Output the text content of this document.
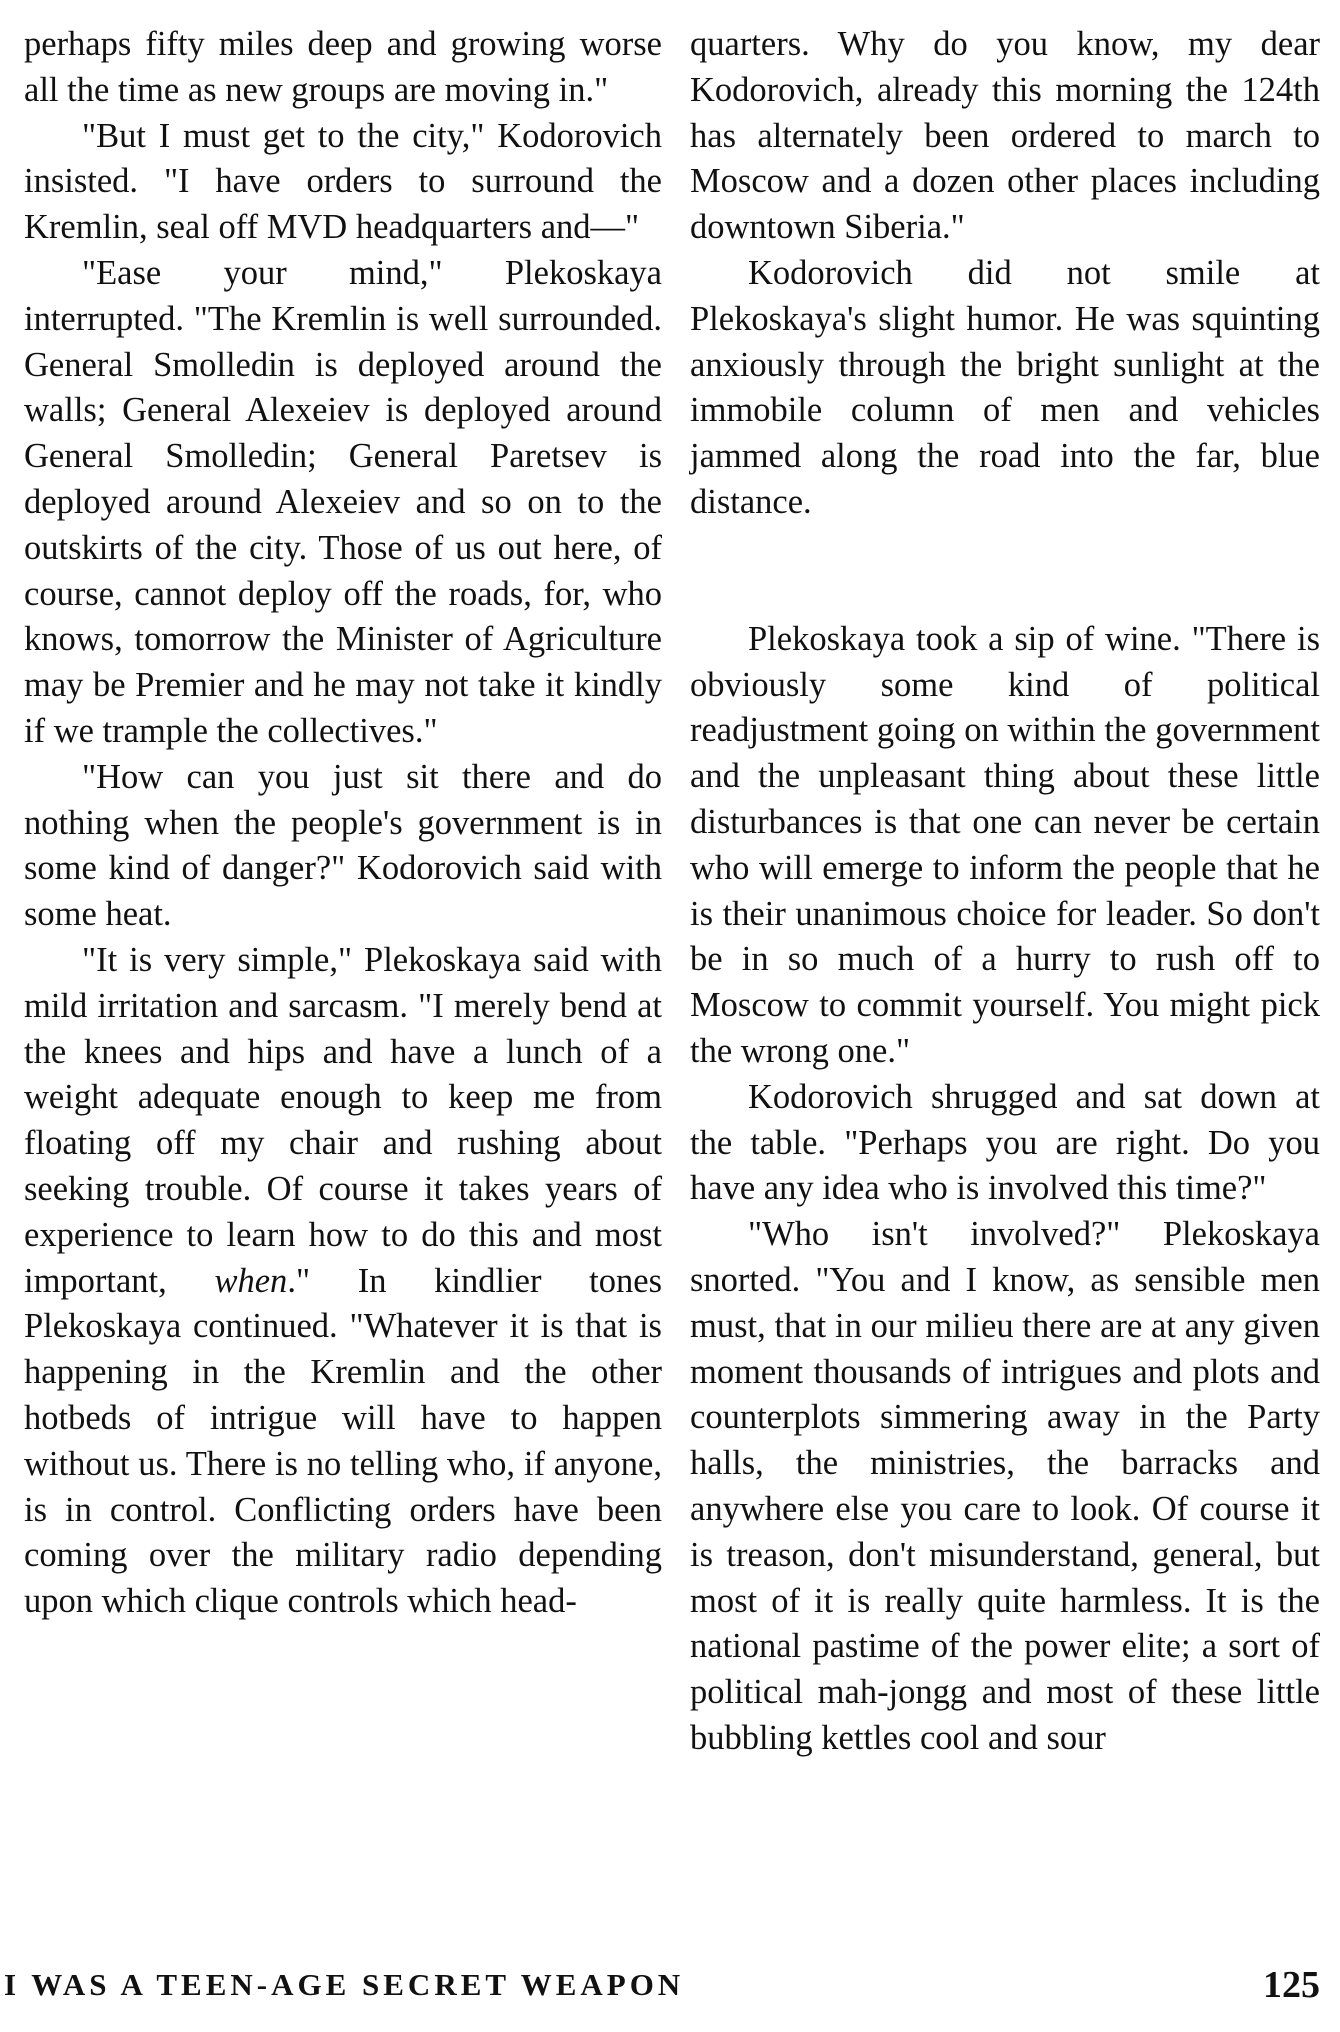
perhaps fifty miles deep and growing worse all the time as new groups are moving in."

"But I must get to the city," Kodorovich insisted. "I have orders to surround the Kremlin, seal off MVD headquarters and—"

"Ease your mind," Plekoskaya interrupted. "The Kremlin is well surrounded. General Smolledin is deployed around the walls; General Alexeiev is deployed around General Smolledin; General Paretsev is deployed around Alexeiev and so on to the outskirts of the city. Those of us out here, of course, cannot deploy off the roads, for, who knows, tomorrow the Minister of Agriculture may be Premier and he may not take it kindly if we trample the collectives."

"How can you just sit there and do nothing when the people's government is in some kind of danger?" Kodorovich said with some heat.

"It is very simple," Plekoskaya said with mild irritation and sarcasm. "I merely bend at the knees and hips and have a lunch of a weight adequate enough to keep me from floating off my chair and rushing about seeking trouble. Of course it takes years of experience to learn how to do this and most important, when." In kindlier tones Plekoskaya continued. "Whatever it is that is happening in the Kremlin and the other hotbeds of intrigue will have to happen without us. There is no telling who, if anyone, is in control. Conflicting orders have been coming over the military radio depending upon which clique controls which head-

quarters. Why do you know, my dear Kodorovich, already this morning the 124th has alternately been ordered to march to Moscow and a dozen other places including downtown Siberia."

Kodorovich did not smile at Plekoskaya's slight humor. He was squinting anxiously through the bright sunlight at the immobile column of men and vehicles jammed along the road into the far, blue distance.

Plekoskaya took a sip of wine. "There is obviously some kind of political readjustment going on within the government and the unpleasant thing about these little disturbances is that one can never be certain who will emerge to inform the people that he is their unanimous choice for leader. So don't be in so much of a hurry to rush off to Moscow to commit yourself. You might pick the wrong one."

Kodorovich shrugged and sat down at the table. "Perhaps you are right. Do you have any idea who is involved this time?"

"Who isn't involved?" Plekoskaya snorted. "You and I know, as sensible men must, that in our milieu there are at any given moment thousands of intrigues and plots and counterplots simmering away in the Party halls, the ministries, the barracks and anywhere else you care to look. Of course it is treason, don't misunderstand, general, but most of it is really quite harmless. It is the national pastime of the power elite; a sort of political mah-jongg and most of these little bubbling kettles cool and sour

I WAS A TEEN-AGE SECRET WEAPON	125
